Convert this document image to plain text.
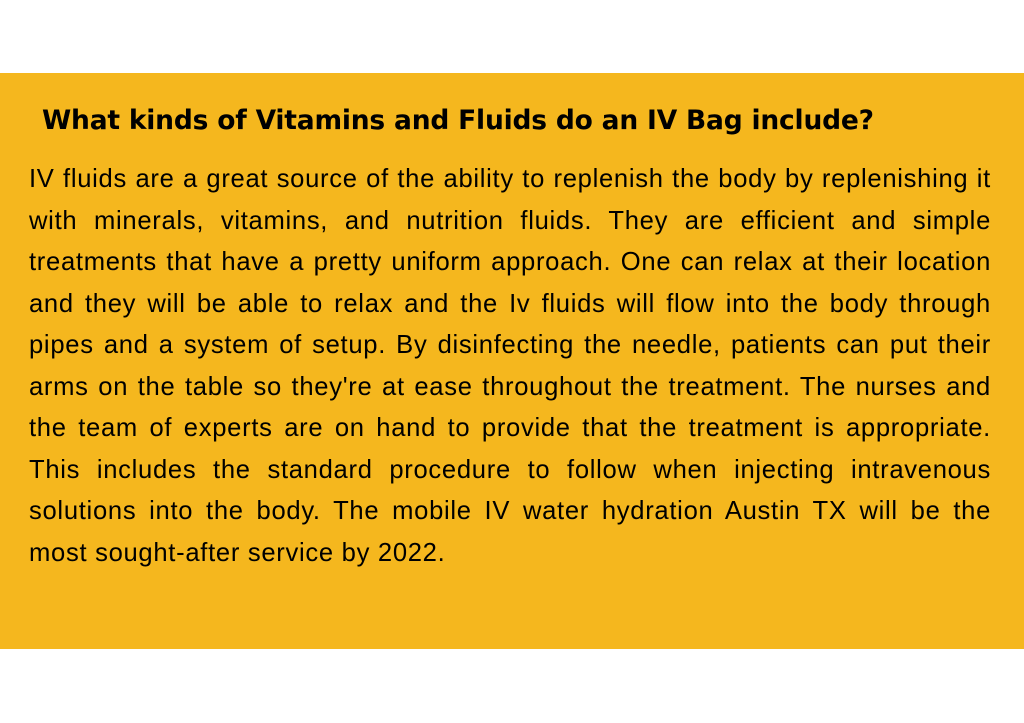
What kinds of Vitamins and Fluids do an IV Bag include?

IV fluids are a great source of the ability to replenish the body by replenishing it with minerals, vitamins, and nutrition fluids. They are efficient and simple treatments that have a pretty uniform approach. One can relax at their location and they will be able to relax and the Iv fluids will flow into the body through pipes and a system of setup. By disinfecting the needle, patients can put their arms on the table so they're at ease throughout the treatment. The nurses and the team of experts are on hand to provide that the treatment is appropriate. This includes the standard procedure to follow when injecting intravenous solutions into the body. The mobile IV water hydration Austin TX will be the most sought-after service by 2022.
